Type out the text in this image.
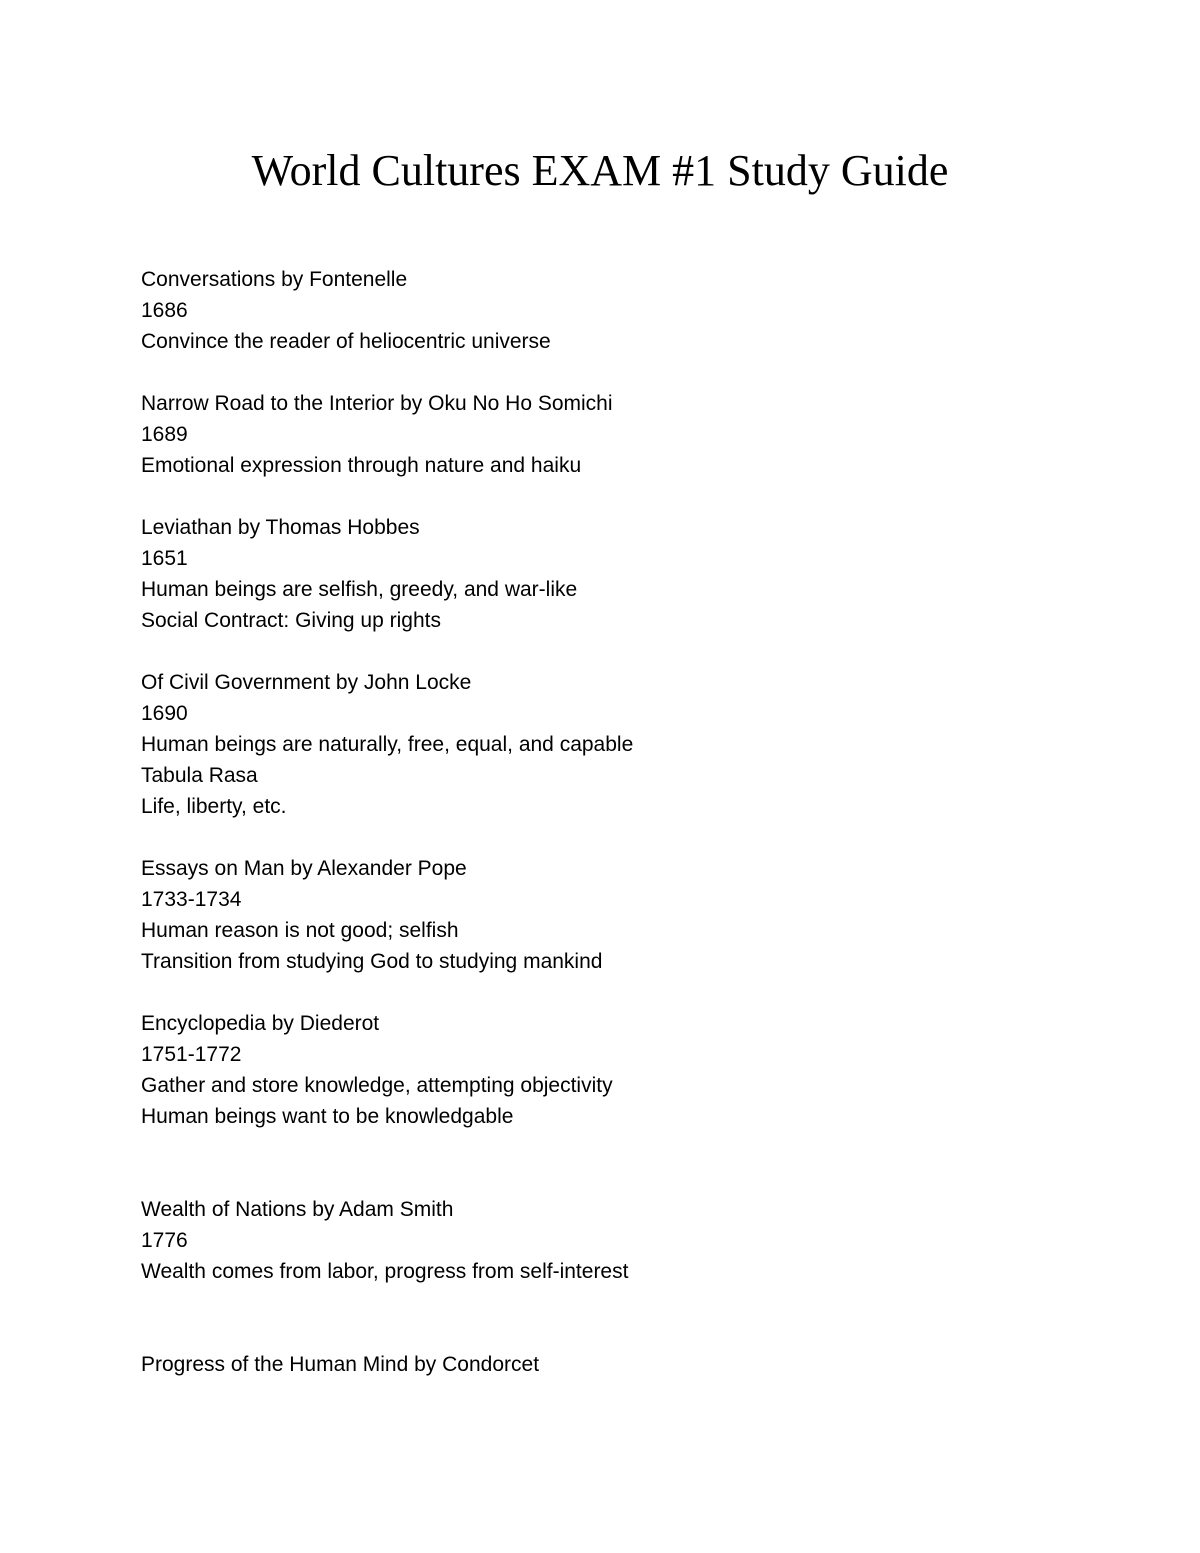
World Cultures EXAM #1 Study Guide
Conversations by Fontenelle
1686
Convince the reader of heliocentric universe
Narrow Road to the Interior by Oku No Ho Somichi
1689
Emotional expression through nature and haiku
Leviathan by Thomas Hobbes
1651
Human beings are selfish, greedy, and war-like
Social Contract: Giving up rights
Of Civil Government by John Locke
1690
Human beings are naturally, free, equal, and capable
Tabula Rasa
Life, liberty, etc.
Essays on Man by Alexander Pope
1733-1734
Human reason is not good; selfish
Transition from studying God to studying mankind
Encyclopedia by Diederot
1751-1772
Gather and store knowledge, attempting objectivity
Human beings want to be knowledgable
Wealth of Nations by Adam Smith
1776
Wealth comes from labor, progress from self-interest
Progress of the Human Mind by Condorcet
